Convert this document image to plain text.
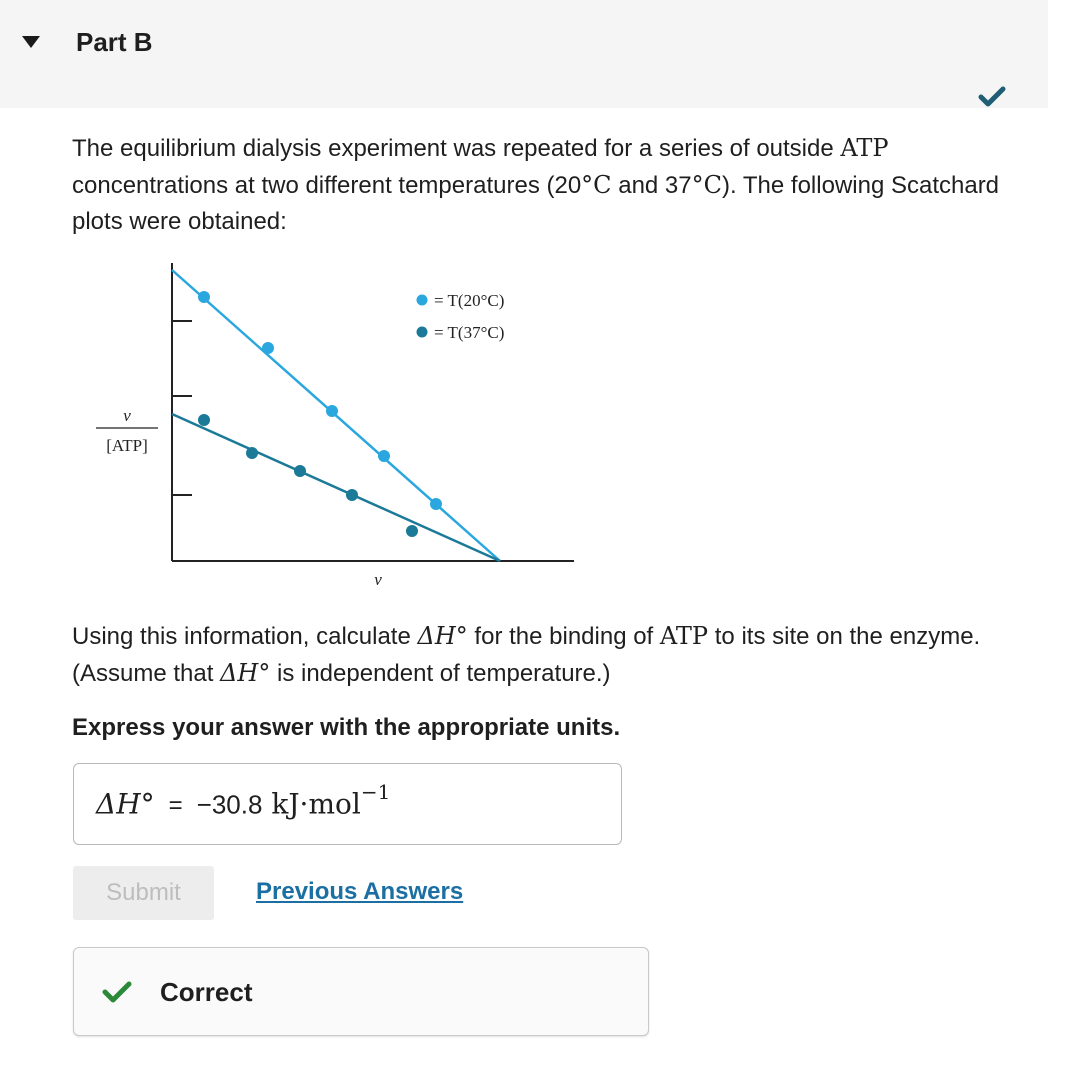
Part B
The equilibrium dialysis experiment was repeated for a series of outside ATP concentrations at two different temperatures (20°C and 37°C). The following Scatchard plots were obtained:
= T(20°C)
= T(37°C)
ν
[ATP]
ν
Using this information, calculate ΔH° for the binding of ATP to its site on the enzyme. (Assume that ΔH° is independent of temperature.)
Express your answer with the appropriate units.
ΔH° = −30.8 kJ·mol$^{-1}$
Submit	Previous Answers
Correct
